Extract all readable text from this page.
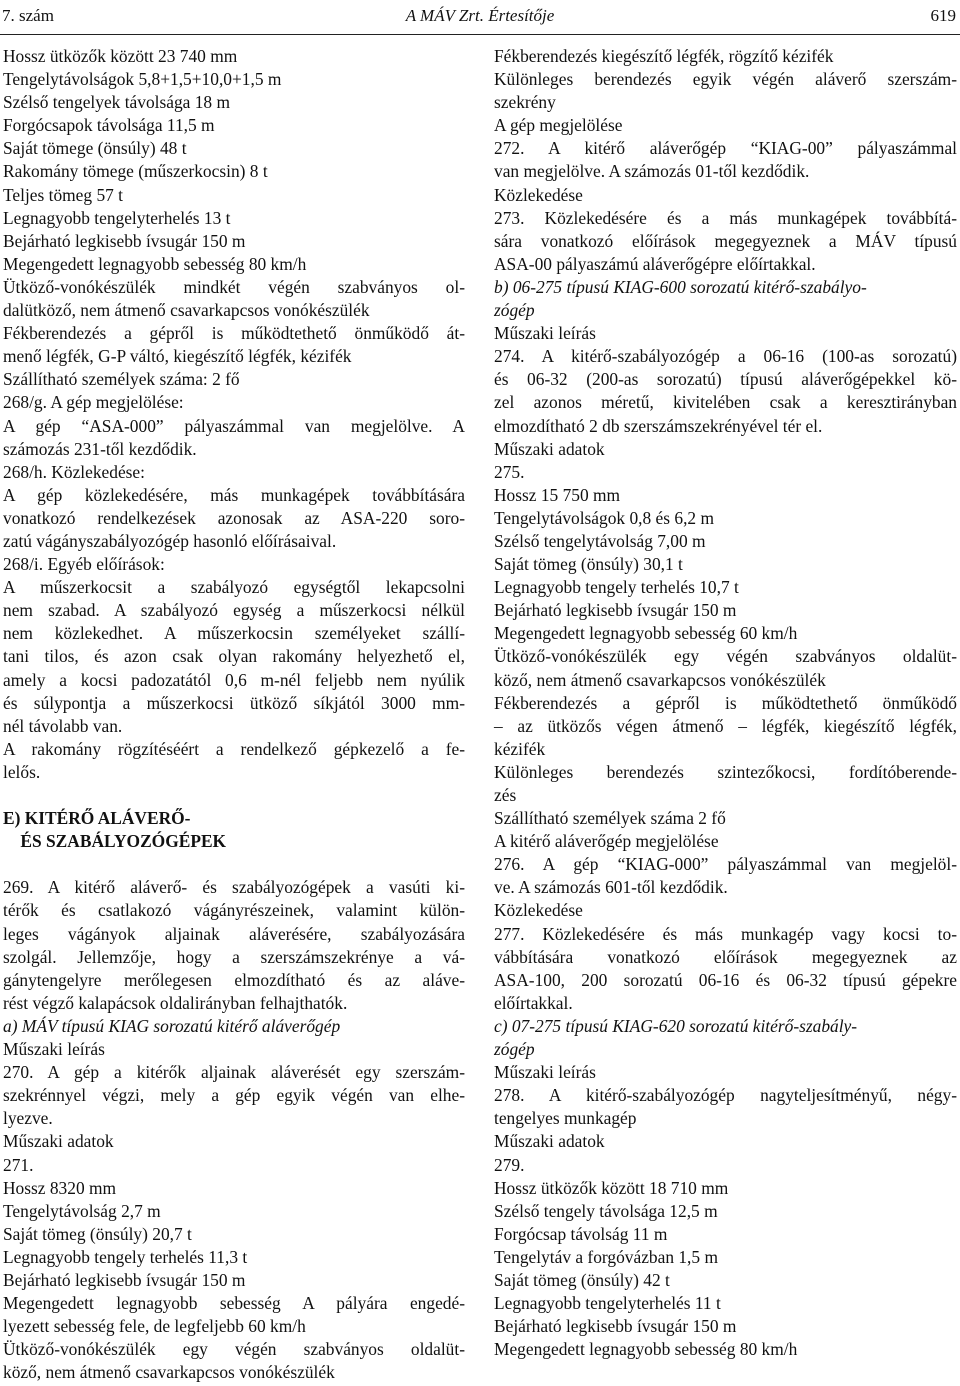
7. szám	A MÁV Zrt. Értesítője	619
Hossz ütközők között 23 740 mm
Tengelytávolságok 5,8+1,5+10,0+1,5 m
Szélső tengelyek távolsága 18 m
Forgócsapok távolsága 11,5 m
Saját tömege (önsúly) 48 t
Rakomány tömege (műszerkocsin) 8 t
Teljes tömeg 57 t
Legnagyobb tengelyterhelés 13 t
Bejárható legkisebb ívsugár 150 m
Megengedett legnagyobb sebesség 80 km/h
Ütköző-vonókészülék mindkét végén szabványos ol-
dalütköző, nem átmenő csavarkapcsos vonókészülék
Fékberendezés a gépről is működtethető önműködő át-
menő légfék, G-P váltó, kiegészítő légfék, kézifék
Szállítható személyek száma: 2 fő
268/g. A gép megjelölése:
A gép “ASA-000” pályaszámmal van megjelölve. A
számozás 231-től kezdődik.
268/h. Közlekedése:
A gép közlekedésére, más munkagépek továbbítására
vonatkozó rendelkezések azonosak az ASA-220 soro-
zatú vágányszabályozógép hasonló előírásaival.
268/i. Egyéb előírások:
A műszerkocsit a szabályozó egységtől lekapcsolni
nem szabad. A szabályozó egység a műszerkocsi nélkül
nem közlekedhet. A műszerkocsin személyeket szállí-
tani tilos, és azon csak olyan rakomány helyezhető el,
amely a kocsi padozatától 0,6 m-nél feljebb nem nyúlik
és súlypontja a műszerkocsi ütköző síkjától 3000 mm-
nél távolabb van.
A rakomány rögzítéséért a rendelkező gépkezelő a fe-
lelős.
E) KITÉRŐ ALÁVERŐ-
ÉS SZABÁLYOZÓGÉPEK
269. A kitérő aláverő- és szabályozógépek a vasúti ki-
térők és csatlakozó vágányrészeinek, valamint külön-
leges vágányok aljainak aláverésére, szabályozására
szolgál. Jellemzője, hogy a szerszámszekrénye a vá-
gánytengelyre merőlegesen elmozdítható és az aláve-
rést végző kalapácsok oldalirányban felhajthatók.
a) MÁV típusú KIAG sorozatú kitérő aláverőgép
Műszaki leírás
270. A gép a kitérők aljainak aláverését egy szerszám-
szekrénnyel végzi, mely a gép egyik végén van elhe-
lyezve.
Műszaki adatok
271.
Hossz 8320 mm
Tengelytávolság 2,7 m
Saját tömeg (önsúly) 20,7 t
Legnagyobb tengely terhelés 11,3 t
Bejárható legkisebb ívsugár 150 m
Megengedett legnagyobb sebesség A pályára engedé-
lyezett sebesség fele, de legfeljebb 60 km/h
Ütköző-vonókészülék egy végén szabványos oldalüt-
köző, nem átmenő csavarkapcsos vonókészülék
Fékberendezés kiegészítő légfék, rögzítő kézifék
Különleges berendezés egyik végén aláverő szerszám-
szekrény
A gép megjelölése
272. A kitérő aláverőgép “KIAG-00” pályaszámmal
van megjelölve. A számozás 01-től kezdődik.
Közlekedése
273. Közlekedésére és a más munkagépek továbbítá-
sára vonatkozó előírások megegyeznek a MÁV típusú
ASA-00 pályaszámú aláverőgépre előírtakkal.
b) 06-275 típusú KIAG-600 sorozatú kitérő-szabályo-
zógép
Műszaki leírás
274. A kitérő-szabályozógép a 06-16 (100-as sorozatú)
és 06-32 (200-as sorozatú) típusú aláverőgépekkel kö-
zel azonos méretű, kivitelében csak a keresztirányban
elmozdítható 2 db szerszámszekrényével tér el.
Műszaki adatok
275.
Hossz 15 750 mm
Tengelytávolságok 0,8 és 6,2 m
Szélső tengelytávolság 7,00 m
Saját tömeg (önsúly) 30,1 t
Legnagyobb tengely terhelés 10,7 t
Bejárható legkisebb ívsugár 150 m
Megengedett legnagyobb sebesség 60 km/h
Ütköző-vonókészülék egy végén szabványos oldalüt-
köző, nem átmenő csavarkapcsos vonókészülék
Fékberendezés a gépről is működtethető önműködő
– az ütközős végen átmenő – légfék, kiegészítő légfék,
kézifék
Különleges berendezés szintezőkocsi, fordítóberende-
zés
Szállítható személyek száma 2 fő
A kitérő aláverőgép megjelölése
276. A gép “KIAG-000” pályaszámmal van megjelöl-
ve. A számozás 601-től kezdődik.
Közlekedése
277. Közlekedésére és más munkagép vagy kocsi to-
vábbítására vonatkozó előírások megegyeznek az
ASA-100, 200 sorozatú 06-16 és 06-32 típusú gépekre
előírtakkal.
c) 07-275 típusú KIAG-620 sorozatú kitérő-szabály-
zógép
Műszaki leírás
278. A kitérő-szabályozógép nagyteljesítményű, négy-
tengelyes munkagép
Műszaki adatok
279.
Hossz ütközők között 18 710 mm
Szélső tengely távolsága 12,5 m
Forgócsap távolság 11 m
Tengelytáv a forgóvázban 1,5 m
Saját tömeg (önsúly) 42 t
Legnagyobb tengelyterhelés 11 t
Bejárható legkisebb ívsugár 150 m
Megengedett legnagyobb sebesség 80 km/h
